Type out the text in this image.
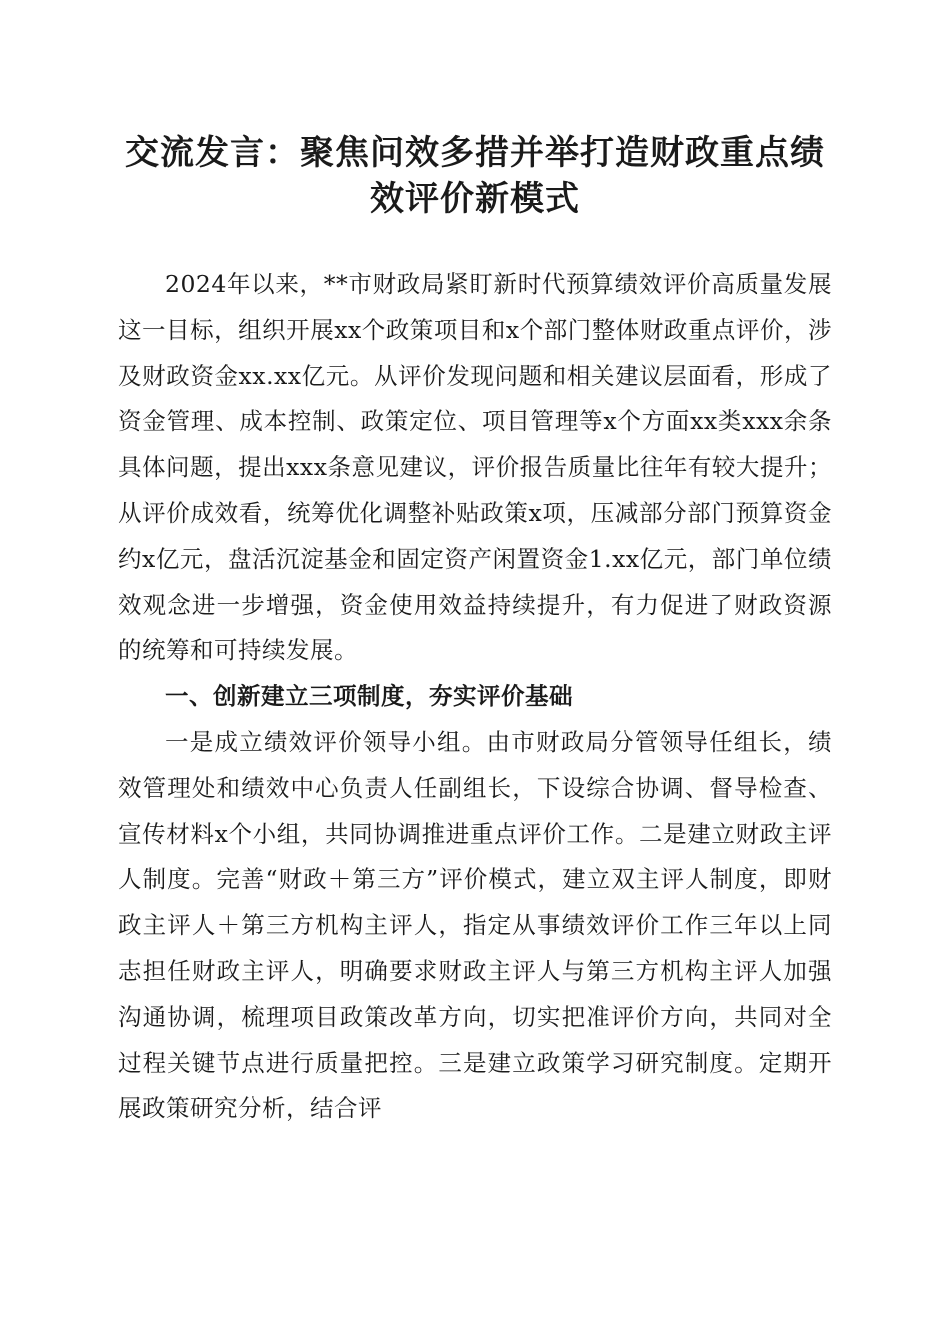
交流发言：聚焦问效多措并举打造财政重点绩
效评价新模式

2024年以来，**市财政局紧盯新时代预算绩效评价高质量发展这一目标，组织开展xx个政策项目和x个部门整体财政重点评价，涉及财政资金xx.xx亿元。从评价发现问题和相关建议层面看，形成了资金管理、成本控制、政策定位、项目管理等x个方面xx类xxx余条具体问题，提出xxx条意见建议，评价报告质量比往年有较大提升；从评价成效看，统筹优化调整补贴政策x项，压减部分部门预算资金约x亿元，盘活沉淀基金和固定资产闲置资金1.xx亿元，部门单位绩效观念进一步增强，资金使用效益持续提升，有力促进了财政资源的统筹和可持续发展。

一、创新建立三项制度，夯实评价基础

一是成立绩效评价领导小组。由市财政局分管领导任组长，绩效管理处和绩效中心负责人任副组长，下设综合协调、督导检查、宣传材料x个小组，共同协调推进重点评价工作。二是建立财政主评人制度。完善“财政＋第三方”评价模式，建立双主评人制度，即财政主评人＋第三方机构主评人，指定从事绩效评价工作三年以上同志担任财政主评人，明确要求财政主评人与第三方机构主评人加强沟通协调，梳理项目政策改革方向，切实把准评价方向，共同对全过程关键节点进行质量把控。三是建立政策学习研究制度。定期开展政策研究分析，结合评
